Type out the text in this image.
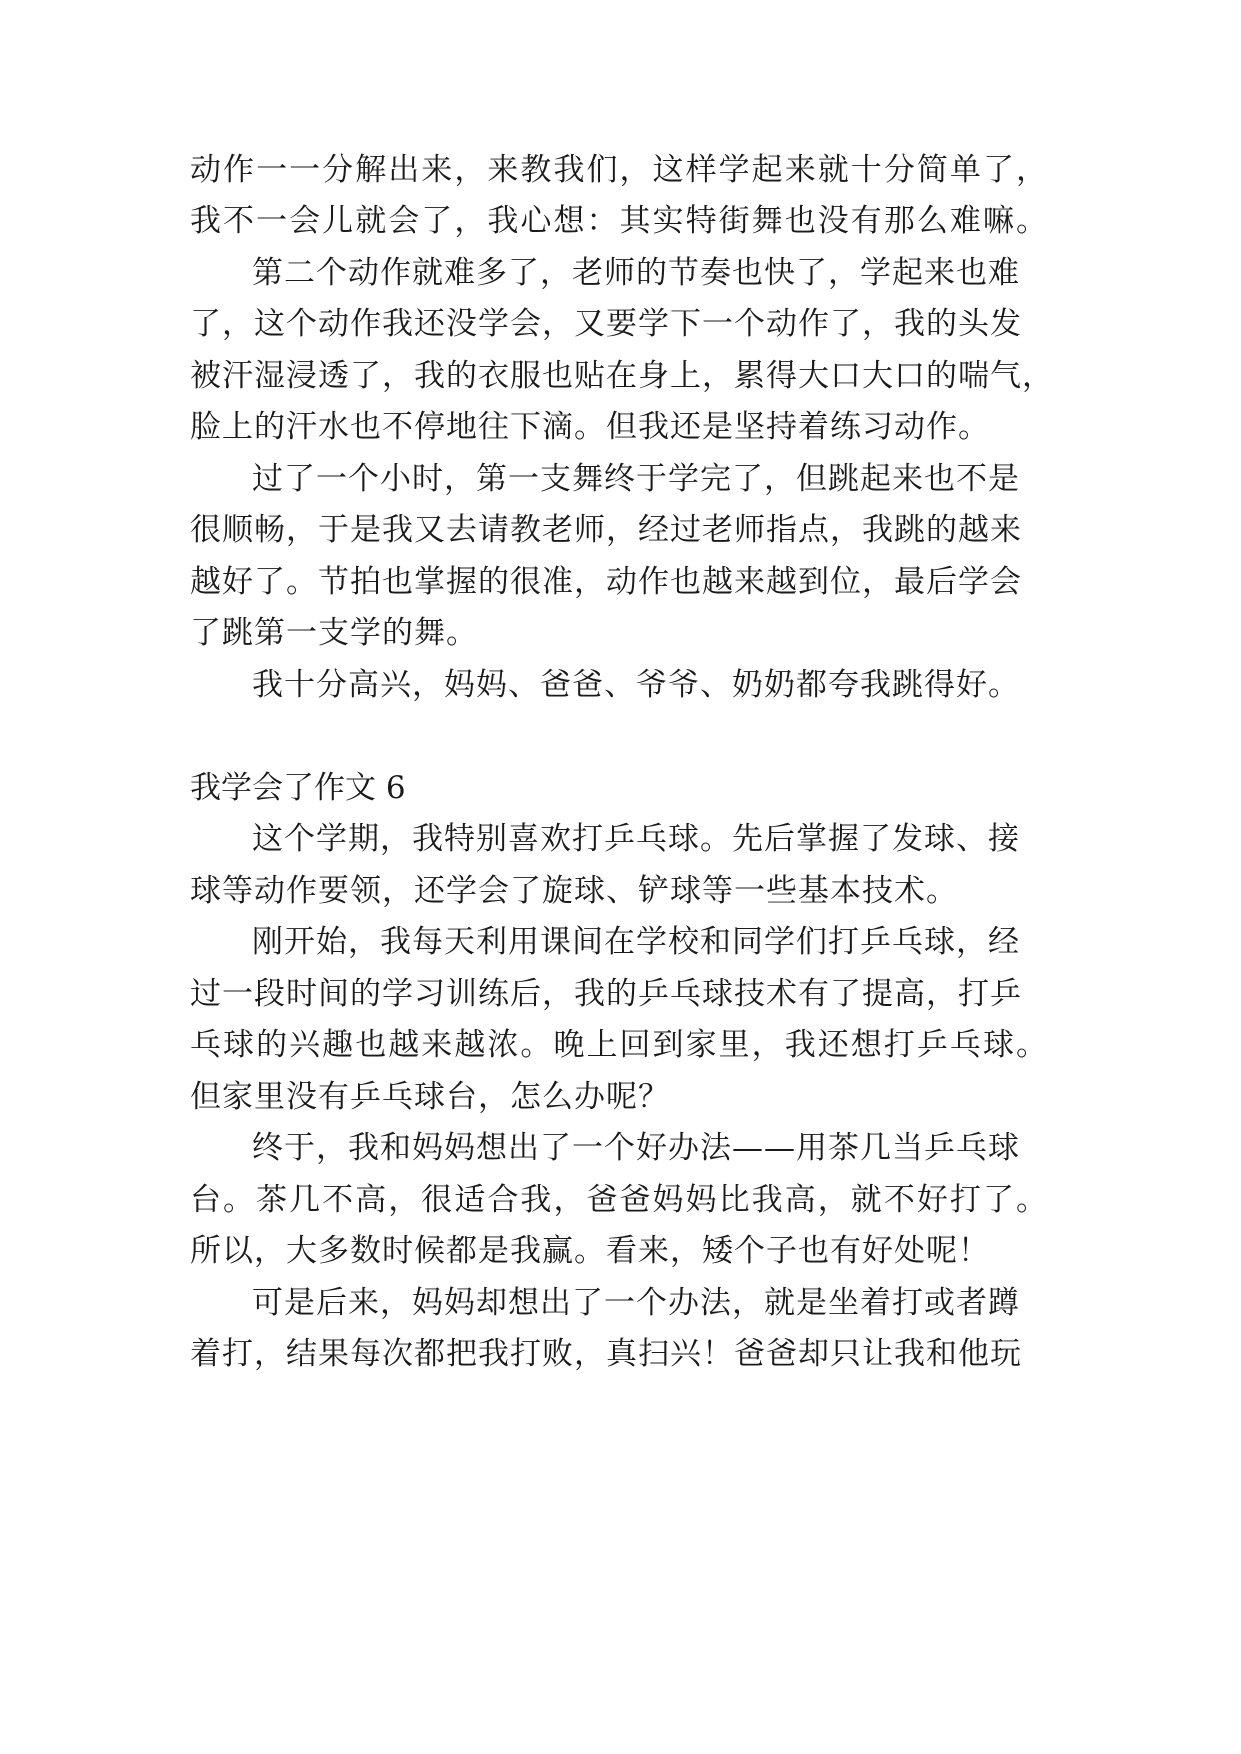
动作一一分解出来，来教我们，这样学起来就十分简单了，
我不一会儿就会了，我心想：其实特街舞也没有那么难嘛。
第二个动作就难多了，老师的节奏也快了，学起来也难
了，这个动作我还没学会，又要学下一个动作了，我的头发
被汗湿浸透了，我的衣服也贴在身上，累得大口大口的喘气，
脸上的汗水也不停地往下滴。但我还是坚持着练习动作。
过了一个小时，第一支舞终于学完了，但跳起来也不是
很顺畅，于是我又去请教老师，经过老师指点，我跳的越来
越好了。节拍也掌握的很准，动作也越来越到位，最后学会
了跳第一支学的舞。
我十分高兴，妈妈、爸爸、爷爷、奶奶都夸我跳得好。
我学会了作文 6
这个学期，我特别喜欢打乒乓球。先后掌握了发球、接
球等动作要领，还学会了旋球、铲球等一些基本技术。
刚开始，我每天利用课间在学校和同学们打乒乓球，经
过一段时间的学习训练后，我的乒乓球技术有了提高，打乒
乓球的兴趣也越来越浓。晚上回到家里，我还想打乒乓球。
但家里没有乒乓球台，怎么办呢？
终于，我和妈妈想出了一个好办法——用茶几当乒乓球
台。茶几不高，很适合我，爸爸妈妈比我高，就不好打了。
所以，大多数时候都是我赢。看来，矮个子也有好处呢！
可是后来，妈妈却想出了一个办法，就是坐着打或者蹲
着打，结果每次都把我打败，真扫兴！爸爸却只让我和他玩
